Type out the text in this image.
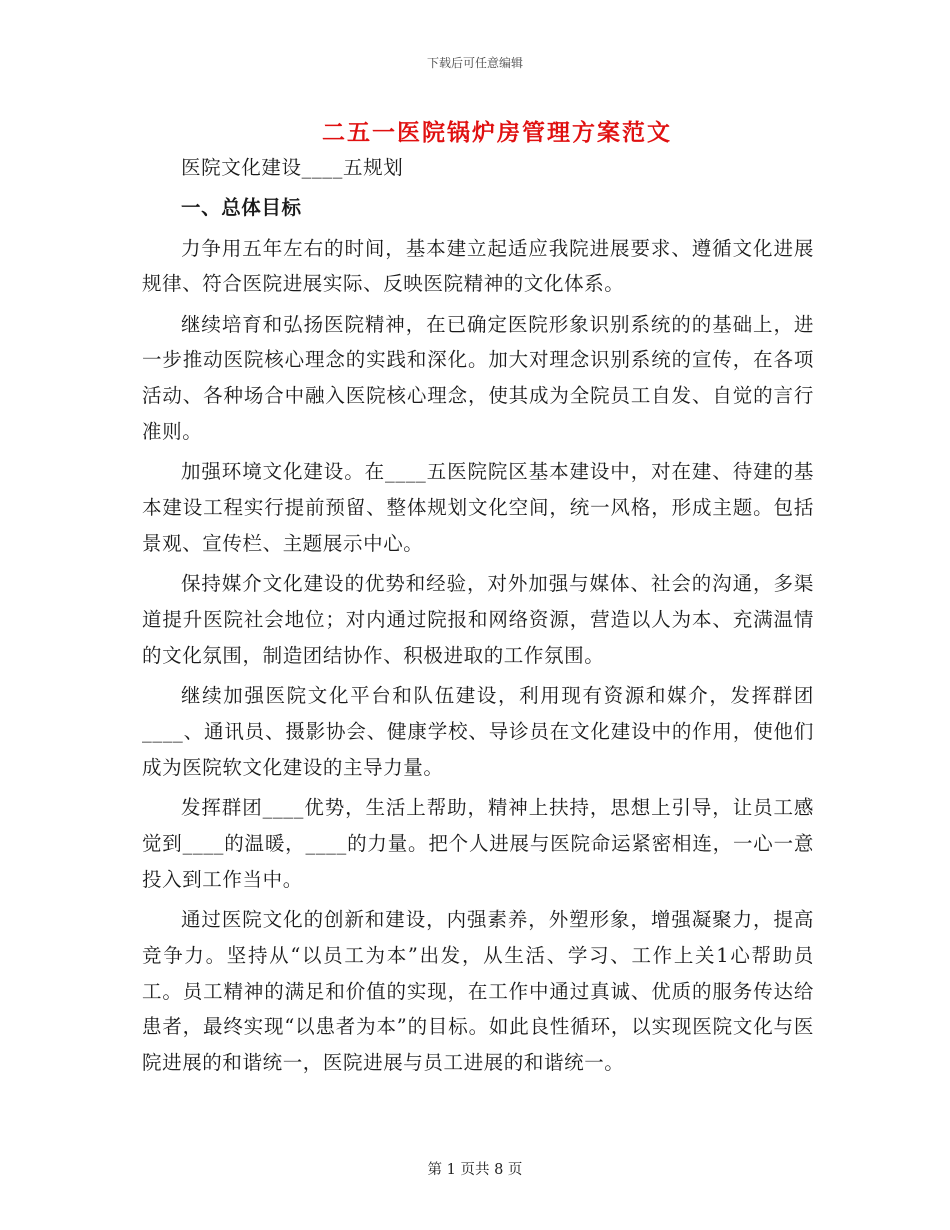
下载后可任意编辑
二五一医院锅炉房管理方案范文

医院文化建设____五规划

一、总体目标

力争用五年左右的时间，基本建立起适应我院进展要求、遵循文化进展规律、符合医院进展实际、反映医院精神的文化体系。

继续培育和弘扬医院精神，在已确定医院形象识别系统的的基础上，进一步推动医院核心理念的实践和深化。加大对理念识别系统的宣传，在各项活动、各种场合中融入医院核心理念，使其成为全院员工自发、自觉的言行准则。

加强环境文化建设。在____五医院院区基本建设中，对在建、待建的基本建设工程实行提前预留、整体规划文化空间，统一风格，形成主题。包括景观、宣传栏、主题展示中心。

保持媒介文化建设的优势和经验，对外加强与媒体、社会的沟通，多渠道提升医院社会地位；对内通过院报和网络资源，营造以人为本、充满温情的文化氛围，制造团结协作、积极进取的工作氛围。

继续加强医院文化平台和队伍建设，利用现有资源和媒介，发挥群团____、通讯员、摄影协会、健康学校、导诊员在文化建设中的作用，使他们成为医院软文化建设的主导力量。

发挥群团____优势，生活上帮助，精神上扶持，思想上引导，让员工感觉到____的温暖，____的力量。把个人进展与医院命运紧密相连，一心一意投入到工作当中。

通过医院文化的创新和建设，内强素养，外塑形象，增强凝聚力，提高竞争力。坚持从“以员工为本”出发，从生活、学习、工作上关1心帮助员工。员工精神的满足和价值的实现，在工作中通过真诚、优质的服务传达给患者，最终实现“以患者为本”的目标。如此良性循环，以实现医院文化与医院进展的和谐统一，医院进展与员工进展的和谐统一。

第 1 页共 8 页
